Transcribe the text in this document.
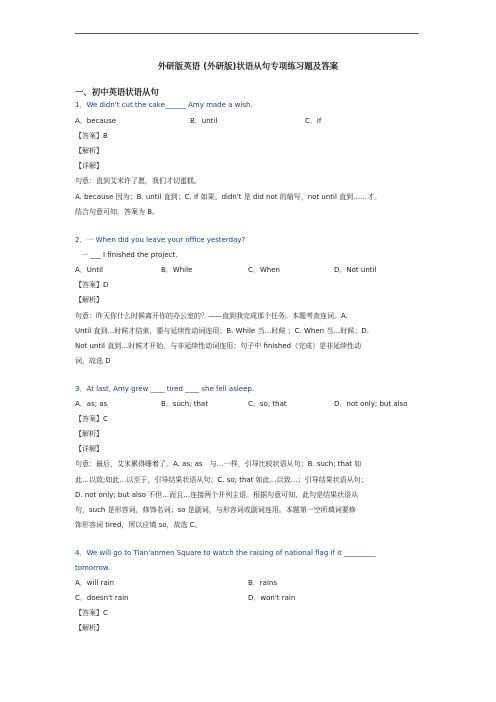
外研版英语 (外研版)状语从句专项练习题及答案
一、初中英语状语从句
1．We didn't cut the cake______ Amy made a wish.
A．because	B．until	C．if
【答案】B
【解析】
【详解】
句意：直到艾米许了愿，我们才切蛋糕。
A. because 因为；B. until 直到；C. if 如果。didn't 是 did not 的缩写，not until 直到……才。
结合句意可知，答案为 B。
2．一 When did you leave your office yesterday?
一 ___ I finished the project.
A．Until	B．While	C．When	D．Not until
【答案】D
【解析】
句意：昨天你什么时候离开你的办公室的？——直到我完成那个任务。本题考查连词。A.
Until 直到…时候才结束，要与延续性动词连用；B. While 当…时候 ；C. When 当…时候；D.
Not until 直到…时候才开始，与非延续性动词连用；句子中 finished（完成）是非延续性动
词，故选 D
3．At last, Amy grew ____ tired ____ she fell asleep.
A．as; as	B．such; that	C．so; that	D．not only; but also
【答案】C
【解析】
【详解】
句意：最后，艾米累得睡着了。A. as; as　与…一样，引导比较状语从句；B. such; that 如
此…以致;如此…以至于，引导结果状语从句；C. so; that 如此…以致…；引导结果状语从句；
D. not only; but also 不但…而且…连接两个并列主语。根据句意可知，此句是结果状语从
句，such 是形容词，修饰名词；so 是副词，与形容词或副词连用。本题第一空所填词要修
饰形容词 tired，所以应填 so，故选 C。
4．We will go to Tian'anmen Square to watch the raising of national flag if it _________
tomorrow.
A．will rain	B．rains
C．doesn't rain	D．won't rain
【答案】C
【解析】
